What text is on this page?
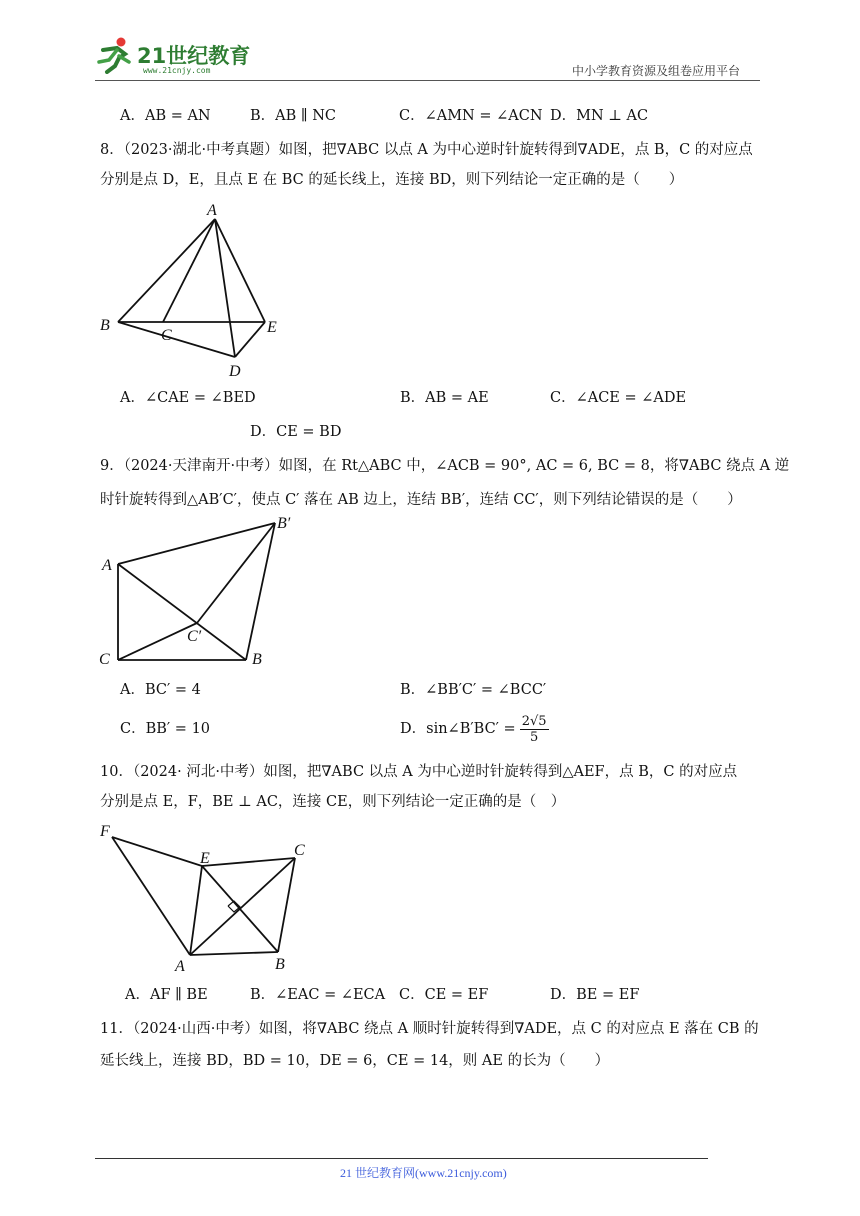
21世纪教育
www.21cnjy.com	中小学教育资源及组卷应用平台
A．AB = AN	B．AB ∥ NC	C．∠AMN = ∠ACN D．MN ⊥ AC
8．（2023·湖北·中考真题）如图，把∇ABC 以点 A 为中心逆时针旋转得到∇ADE，点 B，C 的对应点
分别是点 D，E，且点 E 在 BC 的延长线上，连接 BD，则下列结论一定正确的是（　　）
A
B
C	E
D
A．∠CAE = ∠BED	B．AB = AE	C．∠ACE = ∠ADE
D．CE = BD
9．（2024·天津南开·中考）如图，在 Rt△ABC 中，∠ACB = 90°, AC = 6, BC = 8，将∇ABC 绕点 A 逆
时针旋转得到△AB′C′，使点 C′ 落在 AB 边上，连结 BB′，连结 CC′，则下列结论错误的是（　　）
A
B′
C
C′
B
A．BC′ = 4	B．∠BB′C′ = ∠BCC′
C．BB′ = 10	D．sin∠B′BC′ = $\frac{2√5}{5}$
10．（2024· 河北·中考）如图，把∇ABC 以点 A 为中心逆时针旋转得到△AEF，点 B，C 的对应点
分别是点 E，F，BE ⊥ AC，连接 CE，则下列结论一定正确的是（　）
F
E	C
A	B
A．AF ∥ BE	B．∠EAC = ∠ECA C．CE = EF	D．BE = EF
11．（2024·山西·中考）如图，将∇ABC 绕点 A 顺时针旋转得到∇ADE，点 C 的对应点 E 落在 CB 的
延长线上，连接 BD，BD = 10，DE = 6，CE = 14，则 AE 的长为（　　）
21 世纪教育网(www.21cnjy.com)
